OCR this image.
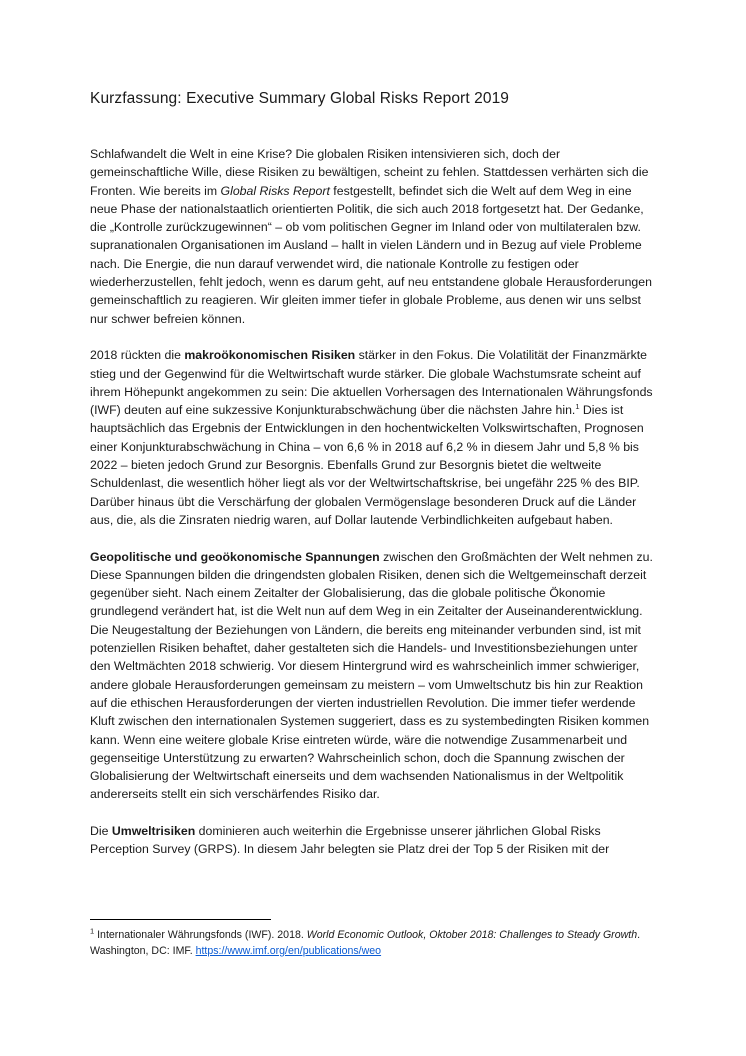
Kurzfassung: Executive Summary Global Risks Report 2019

Schlafwandelt die Welt in eine Krise? Die globalen Risiken intensivieren sich, doch der gemeinschaftliche Wille, diese Risiken zu bewältigen, scheint zu fehlen. Stattdessen verhärten sich die Fronten. Wie bereits im Global Risks Report festgestellt, befindet sich die Welt auf dem Weg in eine neue Phase der nationalstaatlich orientierten Politik, die sich auch 2018 fortgesetzt hat. Der Gedanke, die „Kontrolle zurückzugewinnen“ – ob vom politischen Gegner im Inland oder von multilateralen bzw. supranationalen Organisationen im Ausland – hallt in vielen Ländern und in Bezug auf viele Probleme nach. Die Energie, die nun darauf verwendet wird, die nationale Kontrolle zu festigen oder wiederherzustellen, fehlt jedoch, wenn es darum geht, auf neu entstandene globale Herausforderungen gemeinschaftlich zu reagieren. Wir gleiten immer tiefer in globale Probleme, aus denen wir uns selbst nur schwer befreien können.

2018 rückten die makroökonomischen Risiken stärker in den Fokus. Die Volatilität der Finanzmärkte stieg und der Gegenwind für die Weltwirtschaft wurde stärker. Die globale Wachstumsrate scheint auf ihrem Höhepunkt angekommen zu sein: Die aktuellen Vorhersagen des Internationalen Währungsfonds (IWF) deuten auf eine sukzessive Konjunkturabschwächung über die nächsten Jahre hin.$^1$ Dies ist hauptsächlich das Ergebnis der Entwicklungen in den hochentwickelten Volkswirtschaften, Prognosen einer Konjunkturabschwächung in China – von 6,6 % in 2018 auf 6,2 % in diesem Jahr und 5,8 % bis 2022 – bieten jedoch Grund zur Besorgnis. Ebenfalls Grund zur Besorgnis bietet die weltweite Schuldenlast, die wesentlich höher liegt als vor der Weltwirtschaftskrise, bei ungefähr 225 % des BIP. Darüber hinaus übt die Verschärfung der globalen Vermögenslage besonderen Druck auf die Länder aus, die, als die Zinsraten niedrig waren, auf Dollar lautende Verbindlichkeiten aufgebaut haben.

Geopolitische und geoökonomische Spannungen zwischen den Großmächten der Welt nehmen zu. Diese Spannungen bilden die dringendsten globalen Risiken, denen sich die Weltgemeinschaft derzeit gegenüber sieht. Nach einem Zeitalter der Globalisierung, das die globale politische Ökonomie grundlegend verändert hat, ist die Welt nun auf dem Weg in ein Zeitalter der Auseinanderentwicklung. Die Neugestaltung der Beziehungen von Ländern, die bereits eng miteinander verbunden sind, ist mit potenziellen Risiken behaftet, daher gestalteten sich die Handels- und Investitionsbeziehungen unter den Weltmächten 2018 schwierig. Vor diesem Hintergrund wird es wahrscheinlich immer schwieriger, andere globale Herausforderungen gemeinsam zu meistern – vom Umweltschutz bis hin zur Reaktion auf die ethischen Herausforderungen der vierten industriellen Revolution. Die immer tiefer werdende Kluft zwischen den internationalen Systemen suggeriert, dass es zu systembedingten Risiken kommen kann. Wenn eine weitere globale Krise eintreten würde, wäre die notwendige Zusammenarbeit und gegenseitige Unterstützung zu erwarten? Wahrscheinlich schon, doch die Spannung zwischen der Globalisierung der Weltwirtschaft einerseits und dem wachsenden Nationalismus in der Weltpolitik andererseits stellt ein sich verschärfendes Risiko dar.

Die Umweltrisiken dominieren auch weiterhin die Ergebnisse unserer jährlichen Global Risks Perception Survey (GRPS). In diesem Jahr belegten sie Platz drei der Top 5 der Risiken mit der

$^1$ Internationaler Währungsfonds (IWF). 2018. World Economic Outlook, Oktober 2018: Challenges to Steady Growth. Washington, DC: IMF. https://www.imf.org/en/publications/weo
